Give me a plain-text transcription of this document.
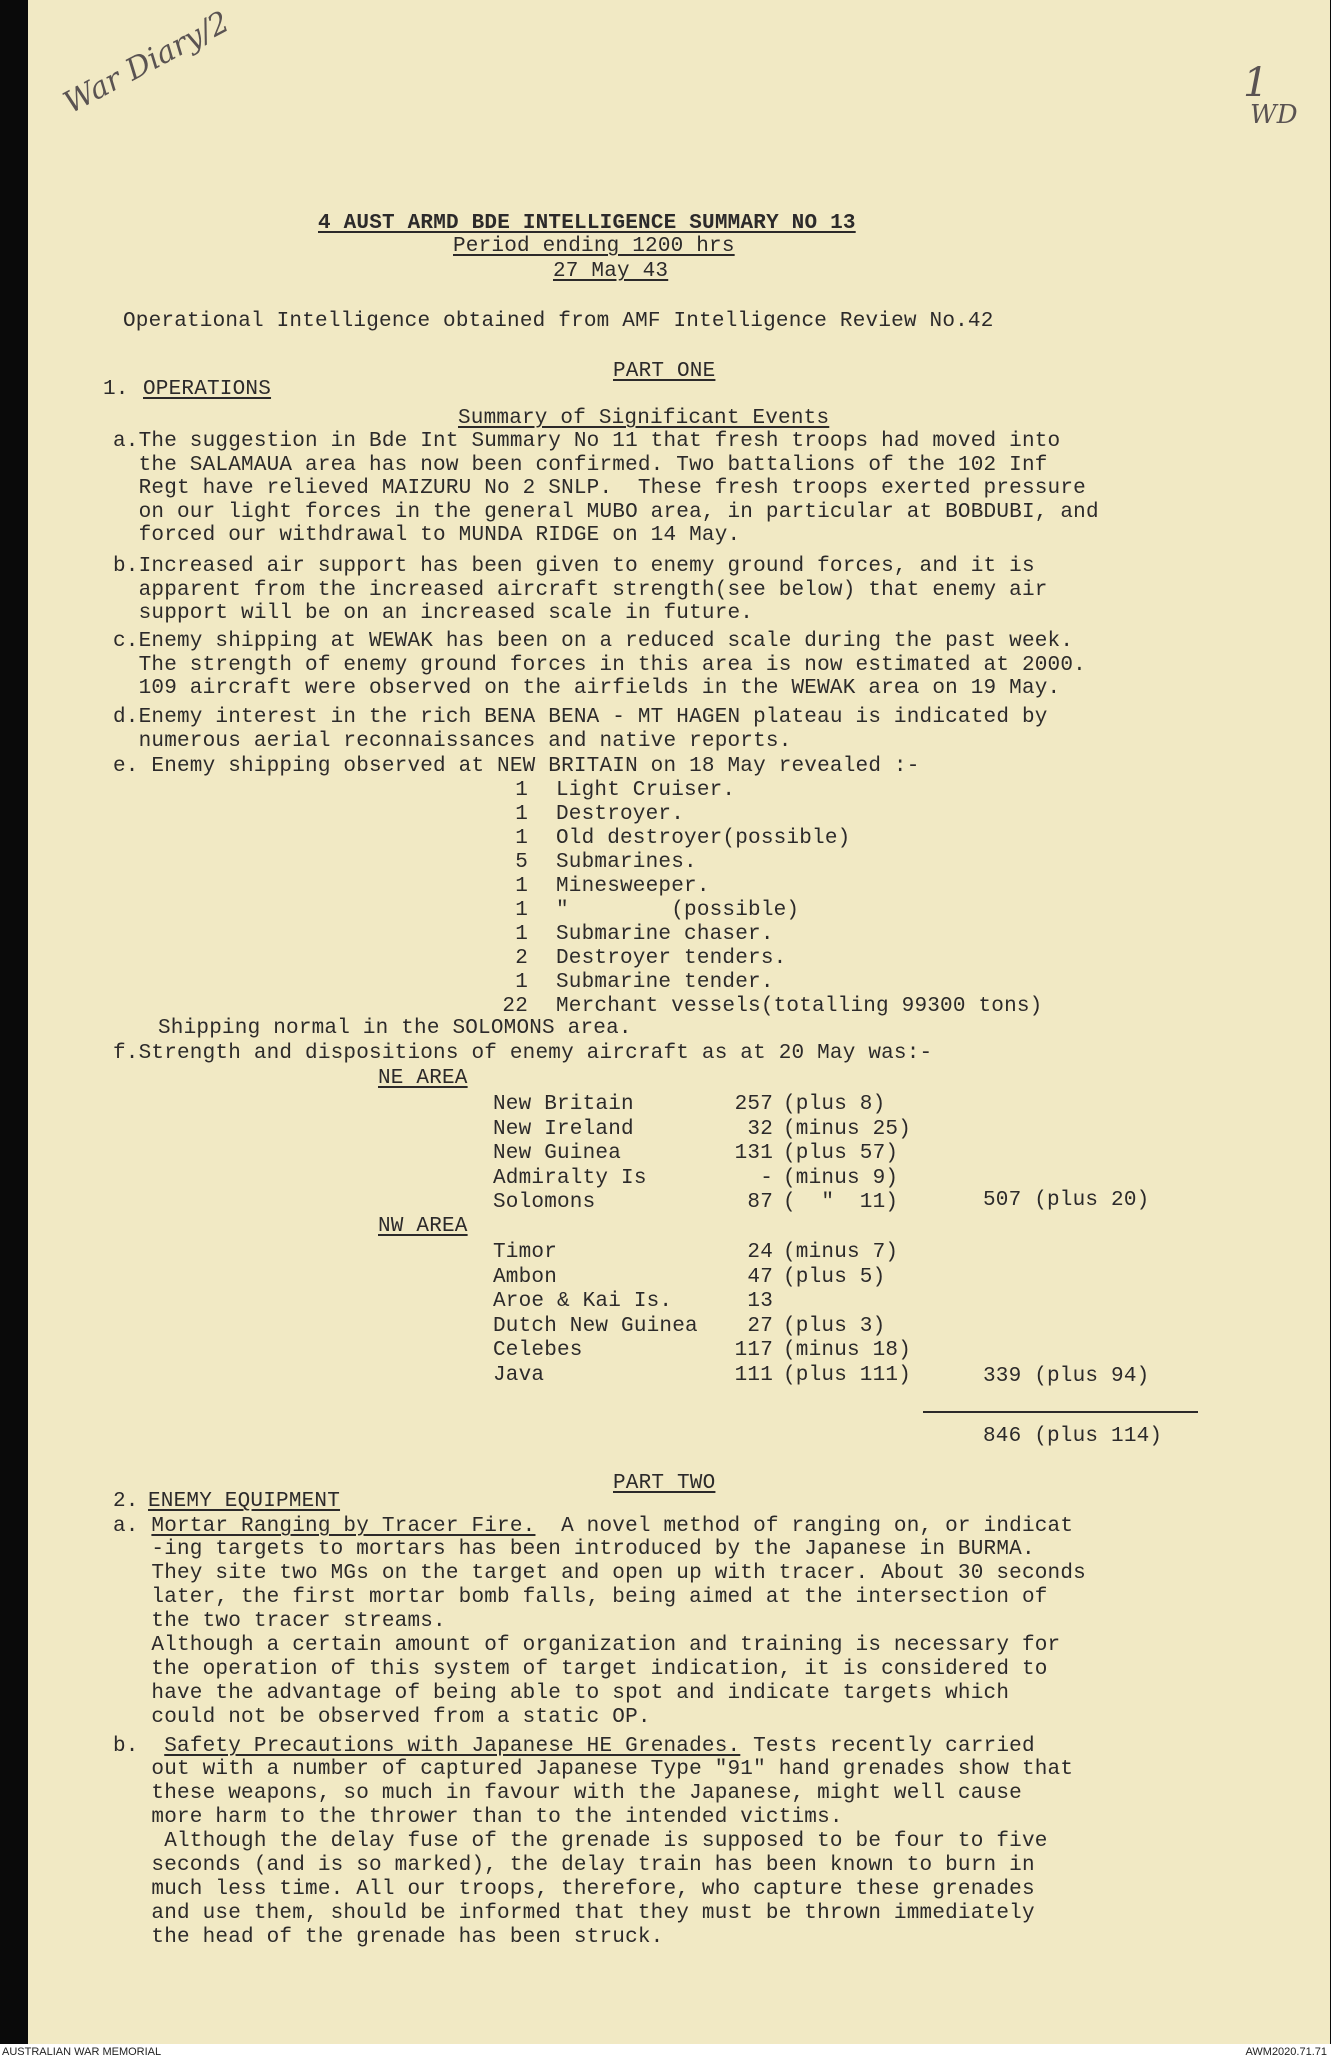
War Diary/2	1
WD
4 AUST ARMD BDE INTELLIGENCE SUMMARY NO 13
Period ending 1200 hrs
27 May 43
Operational Intelligence obtained from AMF Intelligence Review No.42
PART ONE
1. OPERATIONS
Summary of Significant Events
a.The suggestion in Bde Int Summary No 11 that fresh troops had moved into
the SALAMAUA area has now been confirmed. Two battalions of the 102 Inf
Regt have relieved MAIZURU No 2 SNLP.  These fresh troops exerted pressure
on our light forces in the general MUBO area, in particular at BOBDUBI, and
forced our withdrawal to MUNDA RIDGE on 14 May.
b.Increased air support has been given to enemy ground forces, and it is
apparent from the increased aircraft strength(see below) that enemy air
support will be on an increased scale in future.
c.Enemy shipping at WEWAK has been on a reduced scale during the past week.
The strength of enemy ground forces in this area is now estimated at 2000.
109 aircraft were observed on the airfields in the WEWAK area on 19 May.
d.Enemy interest in the rich BENA BENA - MT HAGEN plateau is indicated by
numerous aerial reconnaissances and native reports.
e. Enemy shipping observed at NEW BRITAIN on 18 May revealed :-
1 Light Cruiser.
1 Destroyer.
1 Old destroyer(possible)
5 Submarines.
1 Minesweeper.
1 "        (possible)
1 Submarine chaser.
2 Destroyer tenders.
1 Submarine tender.
22 Merchant vessels(totalling 99300 tons)
Shipping normal in the SOLOMONS area.
f.Strength and dispositions of enemy aircraft as at 20 May was:-
NE AREA
New Britain	257 (plus 8)
New Ireland	32 (minus 25)
New Guinea	131 (plus 57)
Admiralty Is	- (minus 9)
Solomons	87 (  "  11)	507 (plus 20)
NW AREA
Timor	24 (minus 7)
Ambon	47 (plus 5)
Aroe & Kai Is.	13
Dutch New Guinea	27 (plus 3)
Celebes	117 (minus 18)
Java	111 (plus 111)	339 (plus 94)
846 (plus 114)
PART TWO
2. ENEMY EQUIPMENT
a. Mortar Ranging by Tracer Fire.  A novel method of ranging on, or indicat
-ing targets to mortars has been introduced by the Japanese in BURMA.
They site two MGs on the target and open up with tracer. About 30 seconds
later, the first mortar bomb falls, being aimed at the intersection of
the two tracer streams.
Although a certain amount of organization and training is necessary for
the operation of this system of target indication, it is considered to
have the advantage of being able to spot and indicate targets which
could not be observed from a static OP.
b.  Safety Precautions with Japanese HE Grenades. Tests recently carried
out with a number of captured Japanese Type "91" hand grenades show that
these weapons, so much in favour with the Japanese, might well cause
more harm to the thrower than to the intended victims.
Although the delay fuse of the grenade is supposed to be four to five
seconds (and is so marked), the delay train has been known to burn in
much less time. All our troops, therefore, who capture these grenades
and use them, should be informed that they must be thrown immediately
the head of the grenade has been struck.
AUSTRALIAN WAR MEMORIAL	AWM2020.71.71
